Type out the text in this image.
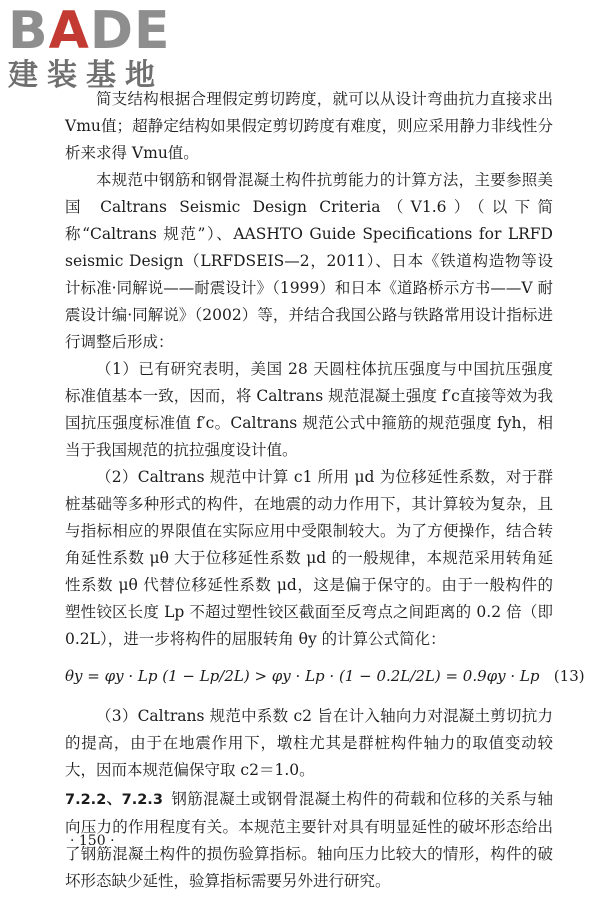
BADE
建装基地

简支结构根据合理假定剪切跨度，就可以从设计弯曲抗力直接求出 Vmu值；超静定结构如果假定剪切跨度有难度，则应采用静力非线性分析来求得 Vmu值。

本规范中钢筋和钢骨混凝土构件抗剪能力的计算方法，主要参照美国 Caltrans Seismic Design Criteria（V1.6）（以下简称“Caltrans 规范”）、AASHTO Guide Specifications for LRFD seismic Design（LRFDSEIS—2，2011）、日本《铁道构造物等设计标准·同解说——耐震设计》（1999）和日本《道路桥示方书——V 耐震设计编·同解说》（2002）等，并结合我国公路与铁路常用设计指标进行调整后形成：

（1）已有研究表明，美国 28 天圆柱体抗压强度与中国抗压强度标准值基本一致，因而，将 Caltrans 规范混凝土强度 f′c直接等效为我国抗压强度标准值 f′c。Caltrans 规范公式中箍筋的规范强度 fyh，相当于我国规范的抗拉强度设计值。

（2）Caltrans 规范中计算 c1 所用 μd 为位移延性系数，对于群桩基础等多种形式的构件，在地震的动力作用下，其计算较为复杂，且与指标相应的界限值在实际应用中受限制较大。为了方便操作，结合转角延性系数 μθ 大于位移延性系数 μd 的一般规律，本规范采用转角延性系数 μθ 代替位移延性系数 μd，这是偏于保守的。由于一般构件的塑性铰区长度 Lp 不超过塑性铰区截面至反弯点之间距离的 0.2 倍（即 0.2L），进一步将构件的屈服转角 θy 的计算公式简化：

θy = φy · Lp (1 − Lp/2L) > φy · Lp · (1 − 0.2L/2L) = 0.9φy · Lp (13)

（3）Caltrans 规范中系数 c2 旨在计入轴向力对混凝土剪切抗力的提高，由于在地震作用下，墩柱尤其是群桩构件轴力的取值变动较大，因而本规范偏保守取 c2＝1.0。

7.2.2、7.2.3 钢筋混凝土或钢骨混凝土构件的荷载和位移的关系与轴向压力的作用程度有关。本规范主要针对具有明显延性的破坏形态给出了钢筋混凝土构件的损伤验算指标。轴向压力比较大的情形，构件的破坏形态缺少延性，验算指标需要另外进行研究。

· 150 ·
